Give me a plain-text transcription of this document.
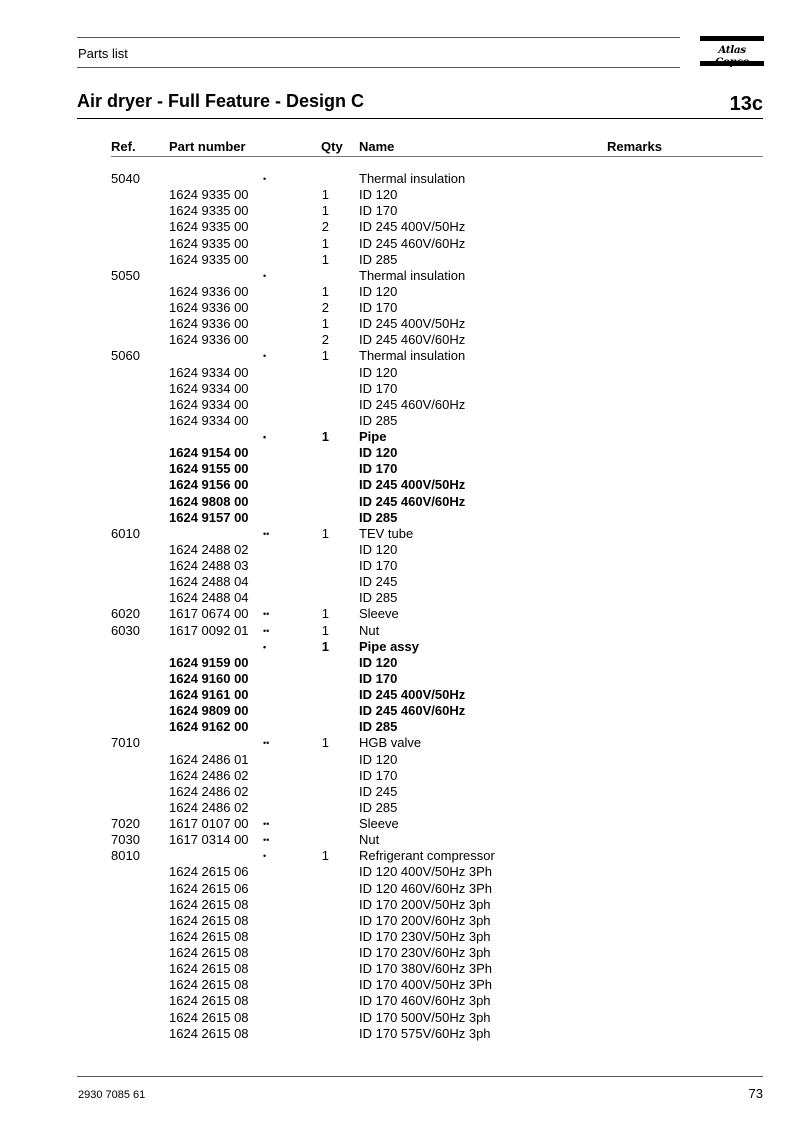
Parts list	Atlas
Air dryer - Full Feature - Design C	13c
Ref.	Part number	Qty Name	Remarks
5040	•	Thermal insulation
1624 9335 00	1 ID 120
1624 9335 00	1 ID 170
1624 9335 00	2 ID 245 400V/50Hz
1624 9335 00	1 ID 245 460V/60Hz
1624 9335 00	1 ID 285
5050	•	Thermal insulation
1624 9336 00	1 ID 120
1624 9336 00	2 ID 170
1624 9336 00	1 ID 245 400V/50Hz
1624 9336 00	2 ID 245 460V/60Hz
5060	•	1 Thermal insulation
1624 9334 00	ID 120
1624 9334 00	ID 170
1624 9334 00	ID 245 460V/60Hz
1624 9334 00	ID 285
•	1 Pipe
1624 9154 00	ID 120
1624 9155 00	ID 170
1624 9156 00	ID 245 400V/50Hz
1624 9808 00	ID 245 460V/60Hz
1624 9157 00	ID 285
6010	••	1 TEV tube
1624 2488 02	ID 120
1624 2488 03	ID 170
1624 2488 04	ID 245
1624 2488 04	ID 285
6020 1617 0674 00 ••	1 Sleeve
6030 1617 0092 01 ••	1 Nut
•	1 Pipe assy
1624 9159 00	ID 120
1624 9160 00	ID 170
1624 9161 00	ID 245 400V/50Hz
1624 9809 00	ID 245 460V/60Hz
1624 9162 00	ID 285
7010	••	1 HGB valve
1624 2486 01	ID 120
1624 2486 02	ID 170
1624 2486 02	ID 245
1624 2486 02	ID 285
7020 1617 0107 00 ••	Sleeve
7030 1617 0314 00 ••	Nut
8010	•	1 Refrigerant compressor
1624 2615 06	ID 120 400V/50Hz 3Ph
1624 2615 06	ID 120 460V/60Hz 3Ph
1624 2615 08	ID 170 200V/50Hz 3ph
1624 2615 08	ID 170 200V/60Hz 3ph
1624 2615 08	ID 170 230V/50Hz 3ph
1624 2615 08	ID 170 230V/60Hz 3ph
1624 2615 08	ID 170 380V/60Hz 3Ph
1624 2615 08	ID 170 400V/50Hz 3Ph
1624 2615 08	ID 170 460V/60Hz 3ph
1624 2615 08	ID 170 500V/50Hz 3ph
1624 2615 08	ID 170 575V/60Hz 3ph
2930 7085 61	73
